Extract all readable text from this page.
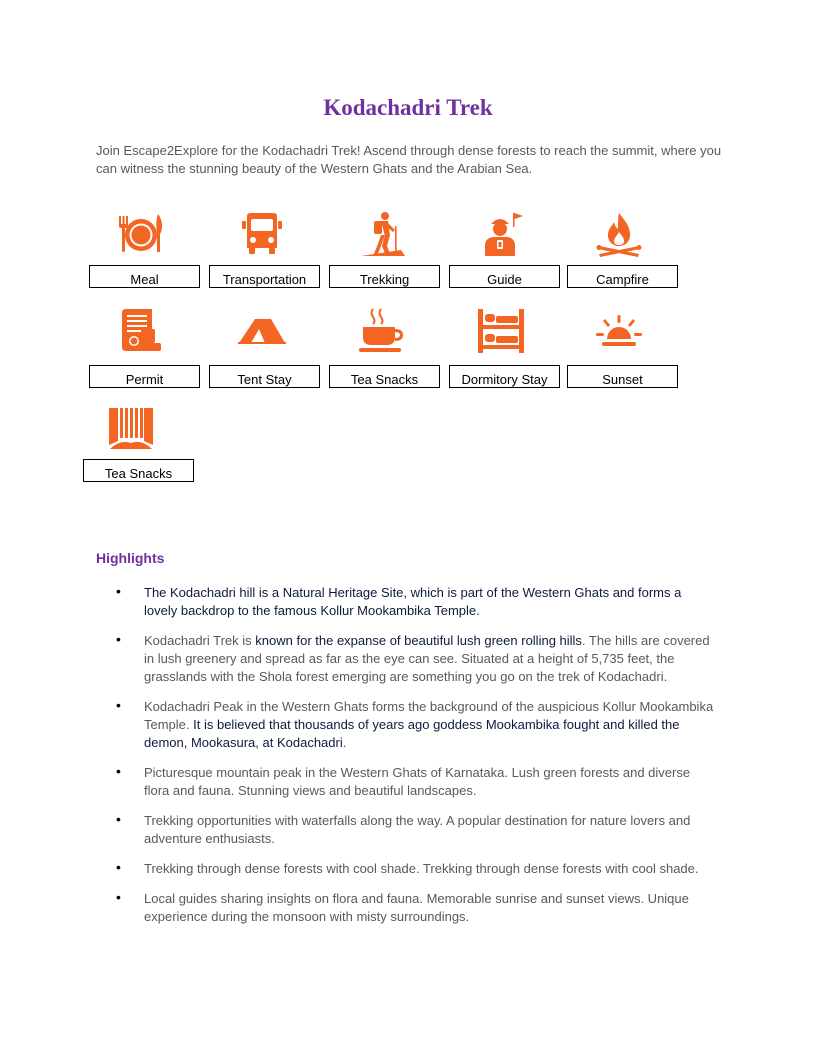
Kodachadri Trek
Join Escape2Explore for the Kodachadri Trek! Ascend through dense forests to reach the summit, where you can witness the stunning beauty of the Western Ghats and the Arabian Sea.
Meal	Transportation	Trekking	Guide	Campfire
Permit	Tent Stay	Tea Snacks	Dormitory Stay	Sunset
Tea Snacks
Highlights
• The Kodachadri hill is a Natural Heritage Site, which is part of the Western Ghats and forms a lovely backdrop to the famous Kollur Mookambika Temple.
• Kodachadri Trek is known for the expanse of beautiful lush green rolling hills. The hills are covered in lush greenery and spread as far as the eye can see. Situated at a height of 5,735 feet, the grasslands with the Shola forest emerging are something you go on the trek of Kodachadri.
• Kodachadri Peak in the Western Ghats forms the background of the auspicious Kollur Mookambika Temple. It is believed that thousands of years ago goddess Mookambika fought and killed the demon, Mookasura, at Kodachadri.
• Picturesque mountain peak in the Western Ghats of Karnataka. Lush green forests and diverse flora and fauna. Stunning views and beautiful landscapes.
• Trekking opportunities with waterfalls along the way. A popular destination for nature lovers and adventure enthusiasts.
• Trekking through dense forests with cool shade. Trekking through dense forests with cool shade.
• Local guides sharing insights on flora and fauna. Memorable sunrise and sunset views. Unique experience during the monsoon with misty surroundings.
